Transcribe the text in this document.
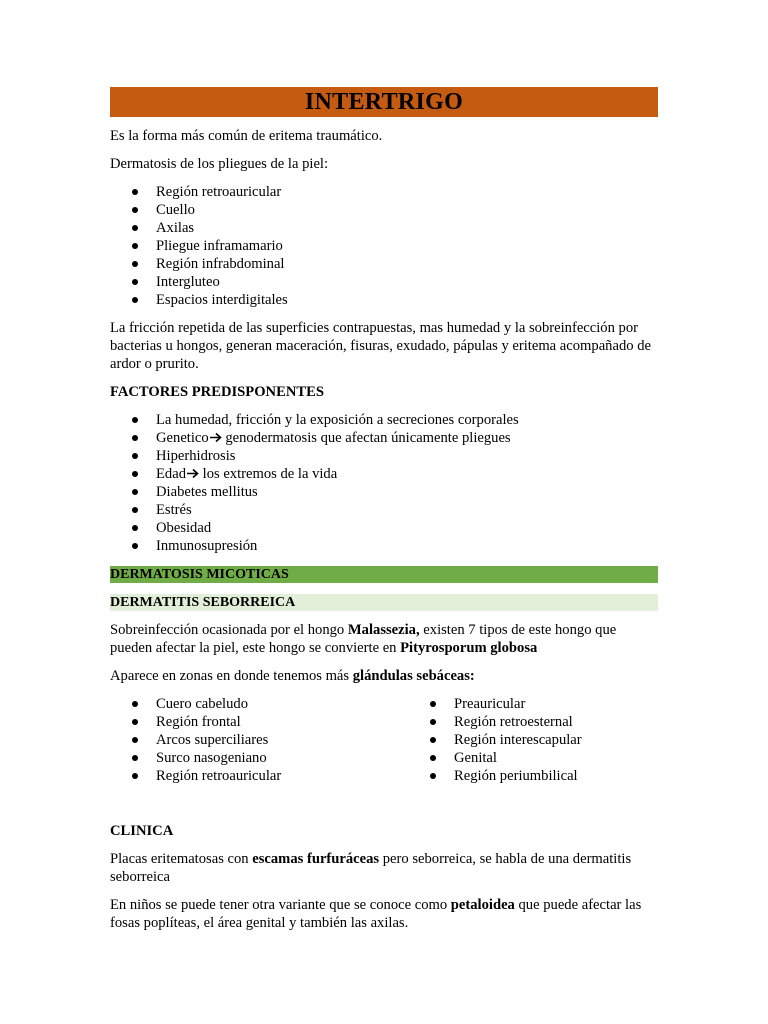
INTERTRIGO

Es la forma más común de eritema traumático.

Dermatosis de los pliegues de la piel:

Región retroauricular
Cuello
Axilas
Pliegue inframamario
Región infrabdominal
Intergluteo
Espacios interdigitales

La fricción repetida de las superficies contrapuestas, mas humedad y la sobreinfección por bacterias u hongos, generan maceración, fisuras, exudado, pápulas y eritema acompañado de ardor o prurito.

FACTORES PREDISPONENTES

La humedad, fricción y la exposición a secreciones corporales
Genetico genodermatosis que afectan únicamente pliegues
Hiperhidrosis
Edad los extremos de la vida
Diabetes mellitus
Estrés
Obesidad
Inmunosupresión
DERMATOSIS MICOTICAS
DERMATITIS SEBORREICA

Sobreinfección ocasionada por el hongo Malassezia, existen 7 tipos de este hongo que pueden afectar la piel, este hongo se convierte en Pityrosporum globosa

Aparece en zonas en donde tenemos más glándulas sebáceas:

Cuero cabeludo
Región frontal
Arcos superciliares
Surco nasogeniano
Región retroauricular
Preauricular
Región retroesternal
Región interescapular
Genital
Región periumbilical

CLINICA

Placas eritematosas con escamas furfuráceas pero seborreica, se habla de una dermatitis seborreica

En niños se puede tener otra variante que se conoce como petaloidea que puede afectar las fosas poplíteas, el área genital y también las axilas.
